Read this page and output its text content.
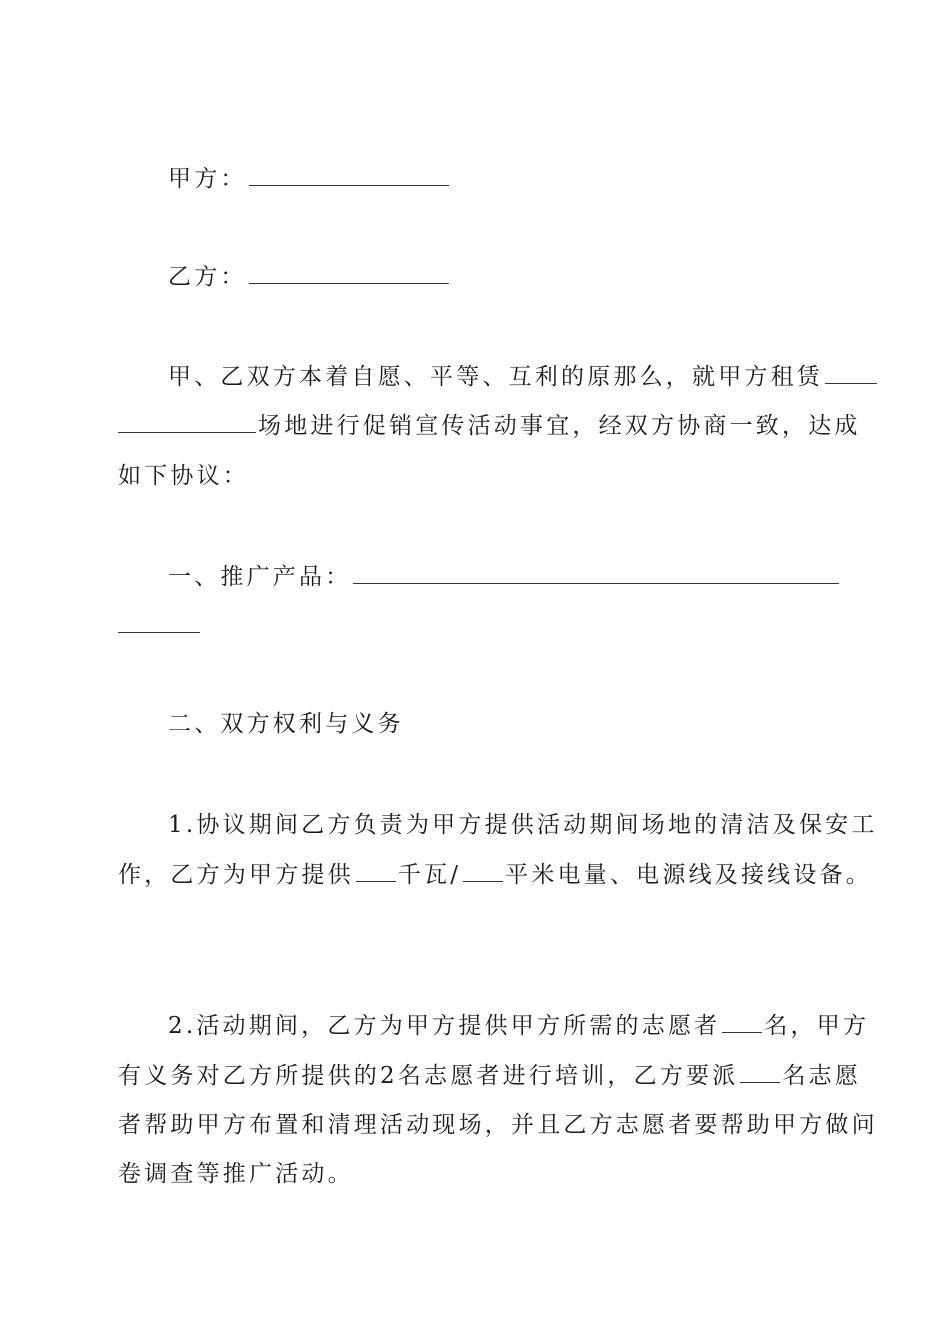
甲方：
乙方：
甲、乙双方本着自愿、平等、互利的原那么，就甲方租赁
场地进行促销宣传活动事宜，经双方协商一致，达成
如下协议：
一、推广产品：
二、双方权利与义务
1.协议期间乙方负责为甲方提供活动期间场地的清洁及保安工
作，乙方为甲方提供 千瓦/ 平米电量、电源线及接线设备。
2.活动期间，乙方为甲方提供甲方所需的志愿者 名，甲方
有义务对乙方所提供的2名志愿者进行培训，乙方要派 名志愿
者帮助甲方布置和清理活动现场，并且乙方志愿者要帮助甲方做问
卷调查等推广活动。
